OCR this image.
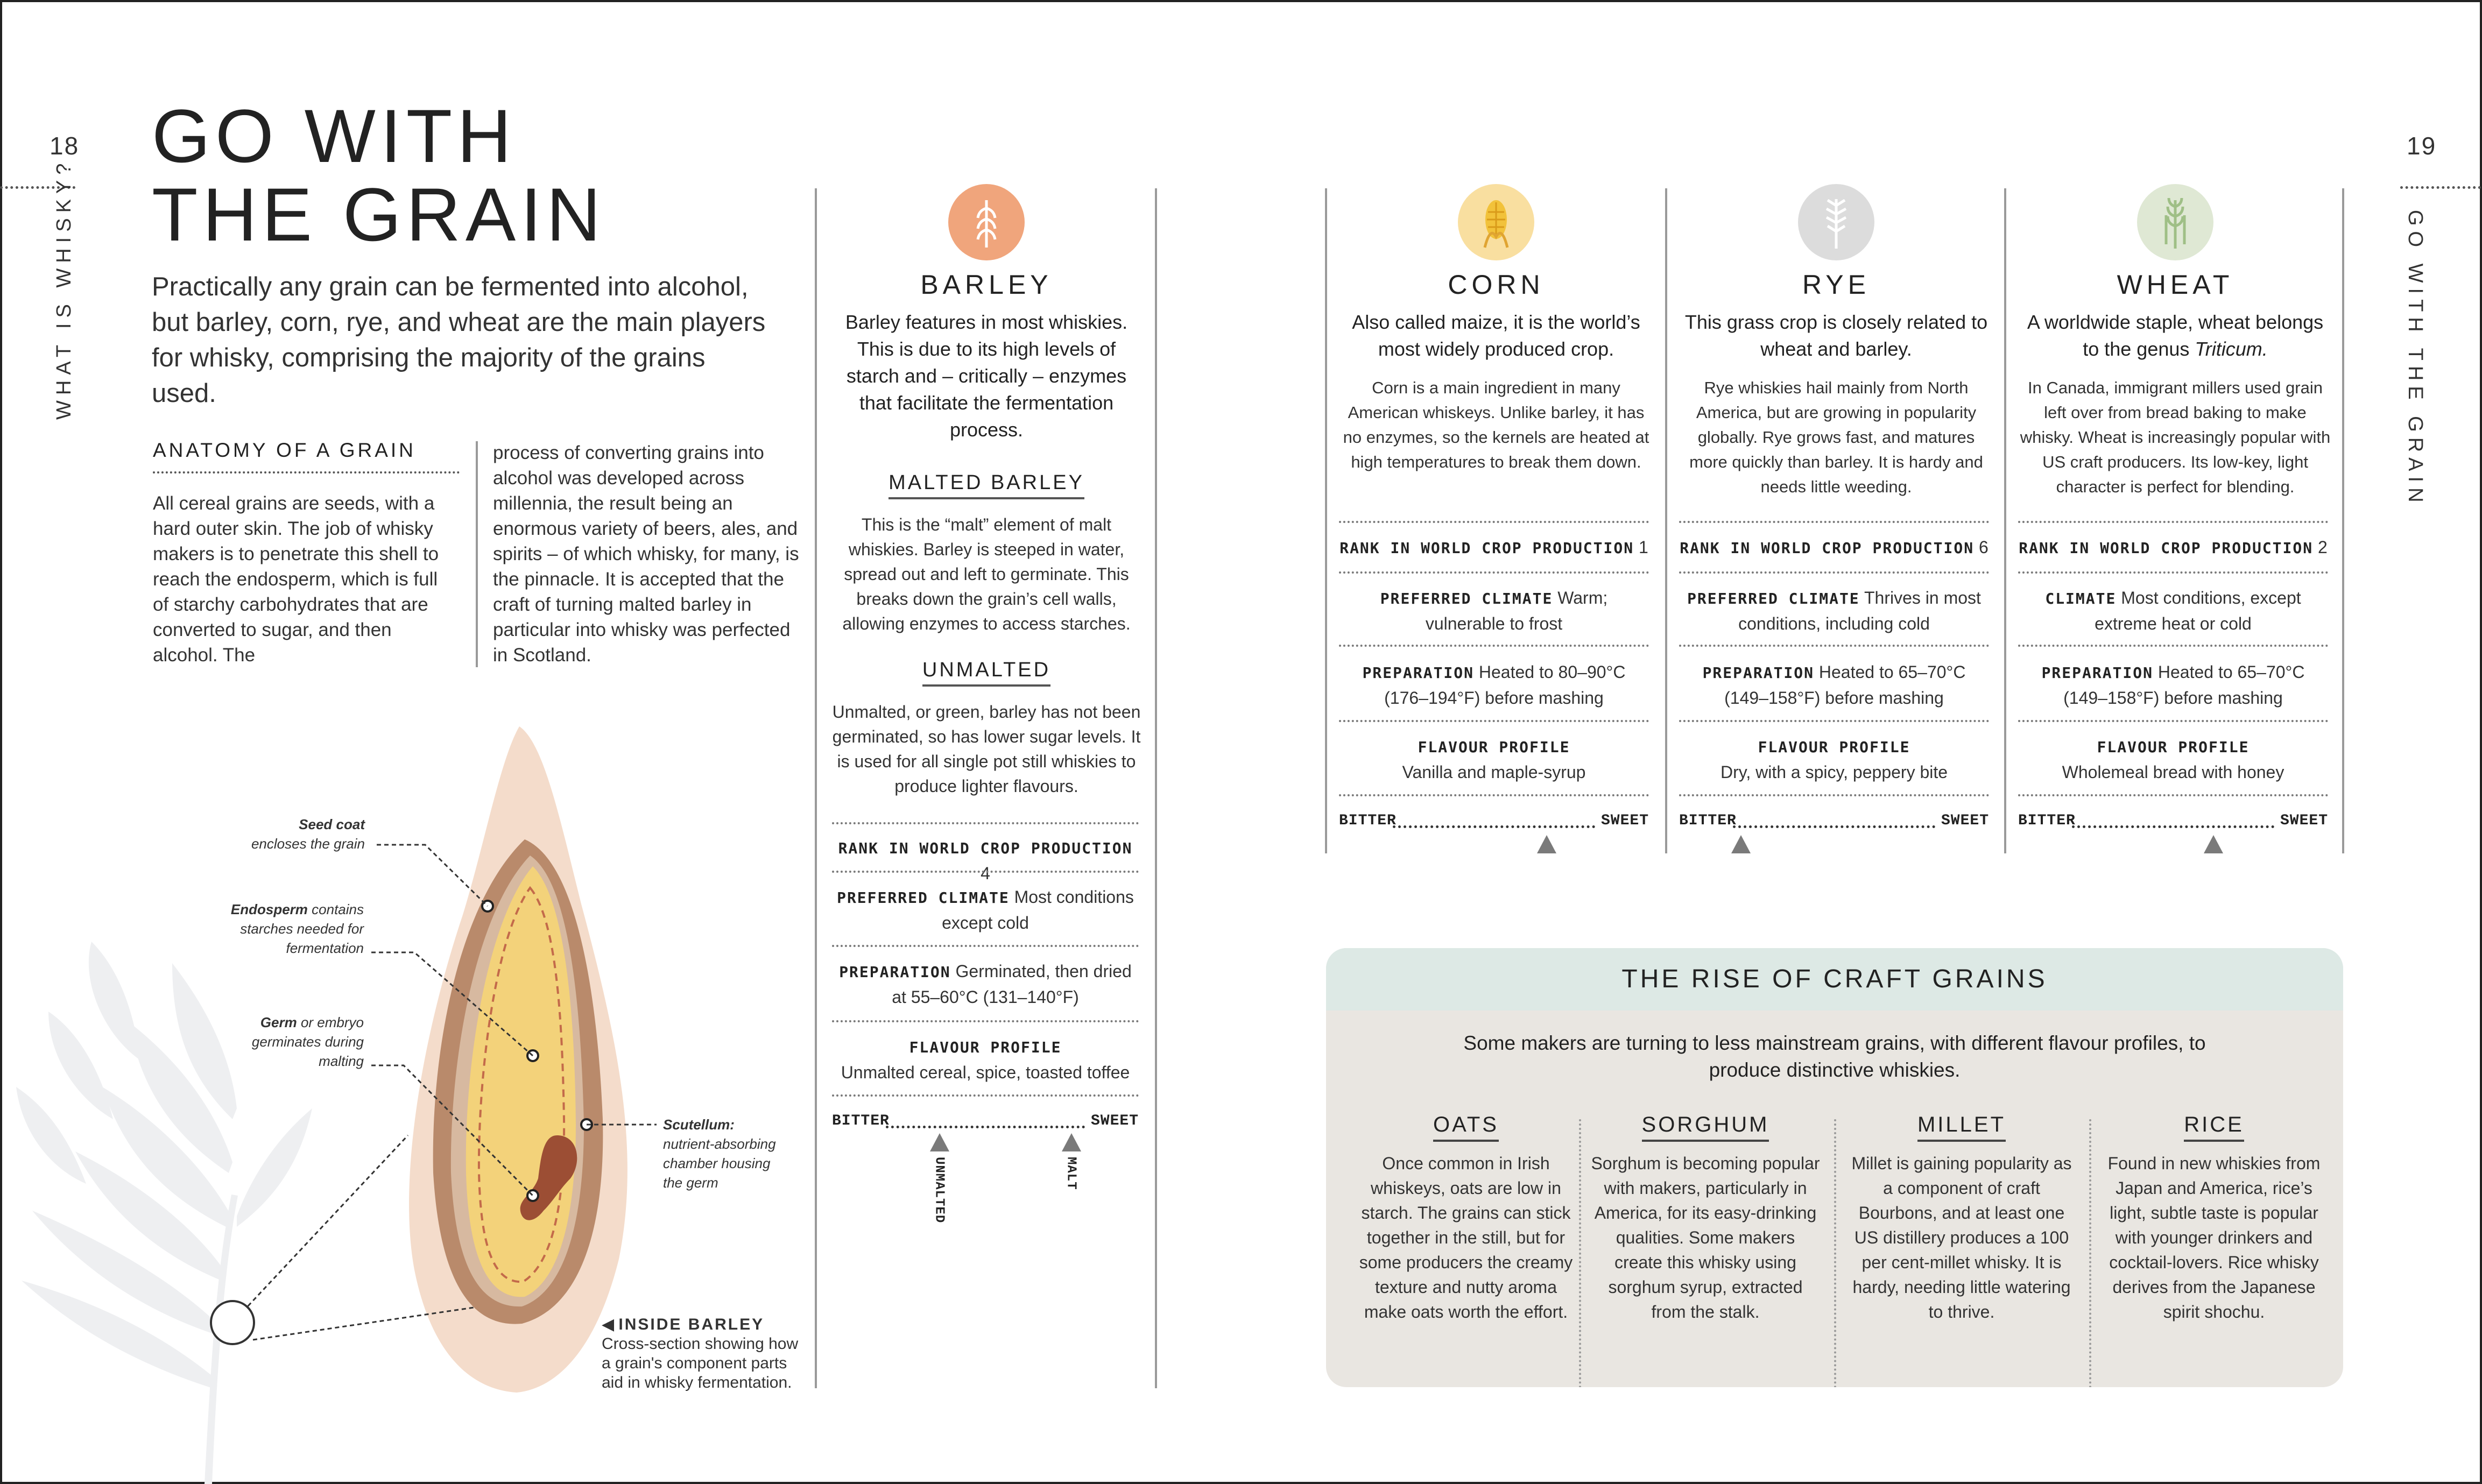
18
WHAT IS WHISKY?
GO WITH
THE GRAIN
Practically any grain can be fermented into alcohol, but barley, corn, rye, and wheat are the main players for whisky, comprising the majority of the grains used.
ANATOMY OF A GRAIN
All cereal grains are seeds, with a hard outer skin. The job of whisky makers is to penetrate this shell to reach the endosperm, which is full of starchy carbohydrates that are converted to sugar, and then alcohol. The
process of converting grains into alcohol was developed across millennia, the result being an enormous variety of beers, ales, and spirits – of which whisky, for many, is the pinnacle. It is accepted that the craft of turning malted barley in particular into whisky was perfected in Scotland.
Seed coat
encloses the grain
Endosperm contains
starches needed for
fermentation
Germ or embryo
germinates during
malting
Scutellum:
nutrient-absorbing
chamber housing
the germ
◀ INSIDE BARLEY
Cross-section showing how a grain's component parts aid in whisky fermentation.
BARLEY
Barley features in most whiskies. This is due to its high levels of starch and – critically – enzymes that facilitate the fermentation process.
MALTED BARLEY
This is the “malt” element of malt whiskies. Barley is steeped in water, spread out and left to germinate. This breaks down the grain’s cell walls, allowing enzymes to access starches.
UNMALTED
Unmalted, or green, barley has not been germinated, so has lower sugar levels. It is used for all single pot still whiskies to produce lighter flavours.
RANK IN WORLD CROP PRODUCTION 4
PREFERRED CLIMATE Most conditions except cold
PREPARATION Germinated, then dried at 55–60°C (131–140°F)
FLAVOUR PROFILE
Unmalted cereal, spice, toasted toffee
BITTER	SWEET
UNMALTED	MALT
19
GO WITH THE GRAIN
CORN
Also called maize, it is the world’s most widely produced crop.
Corn is a main ingredient in many American whiskeys. Unlike barley, it has no enzymes, so the kernels are heated at high temperatures to break them down.
RANK IN WORLD CROP PRODUCTION 1
PREFERRED CLIMATE Warm; vulnerable to frost
PREPARATION Heated to 80–90°C (176–194°F) before mashing
FLAVOUR PROFILE
Vanilla and maple-syrup
BITTER	SWEET
RYE
This grass crop is closely related to wheat and barley.
Rye whiskies hail mainly from North America, but are growing in popularity globally. Rye grows fast, and matures more quickly than barley. It is hardy and needs little weeding.
RANK IN WORLD CROP PRODUCTION 6
PREFERRED CLIMATE Thrives in most conditions, including cold
PREPARATION Heated to 65–70°C (149–158°F) before mashing
FLAVOUR PROFILE
Dry, with a spicy, peppery bite
BITTER	SWEET
WHEAT
A worldwide staple, wheat belongs to the genus Triticum.
In Canada, immigrant millers used grain left over from bread baking to make whisky. Wheat is increasingly popular with US craft producers. Its low-key, light character is perfect for blending.
RANK IN WORLD CROP PRODUCTION 2
CLIMATE Most conditions, except extreme heat or cold
PREPARATION Heated to 65–70°C (149–158°F) before mashing
FLAVOUR PROFILE
Wholemeal bread with honey
BITTER	SWEET
THE RISE OF CRAFT GRAINS
Some makers are turning to less mainstream grains, with different flavour profiles, to produce distinctive whiskies.
OATS
Once common in Irish whiskeys, oats are low in starch. The grains can stick together in the still, but for some producers the creamy texture and nutty aroma make oats worth the effort.
SORGHUM
Sorghum is becoming popular with makers, particularly in America, for its easy-drinking qualities. Some makers create this whisky using sorghum syrup, extracted from the stalk.
MILLET
Millet is gaining popularity as a component of craft Bourbons, and at least one US distillery produces a 100 per cent-millet whisky. It is hardy, needing little watering to thrive.
RICE
Found in new whiskies from Japan and America, rice’s light, subtle taste is popular with younger drinkers and cocktail-lovers. Rice whisky derives from the Japanese spirit shochu.
